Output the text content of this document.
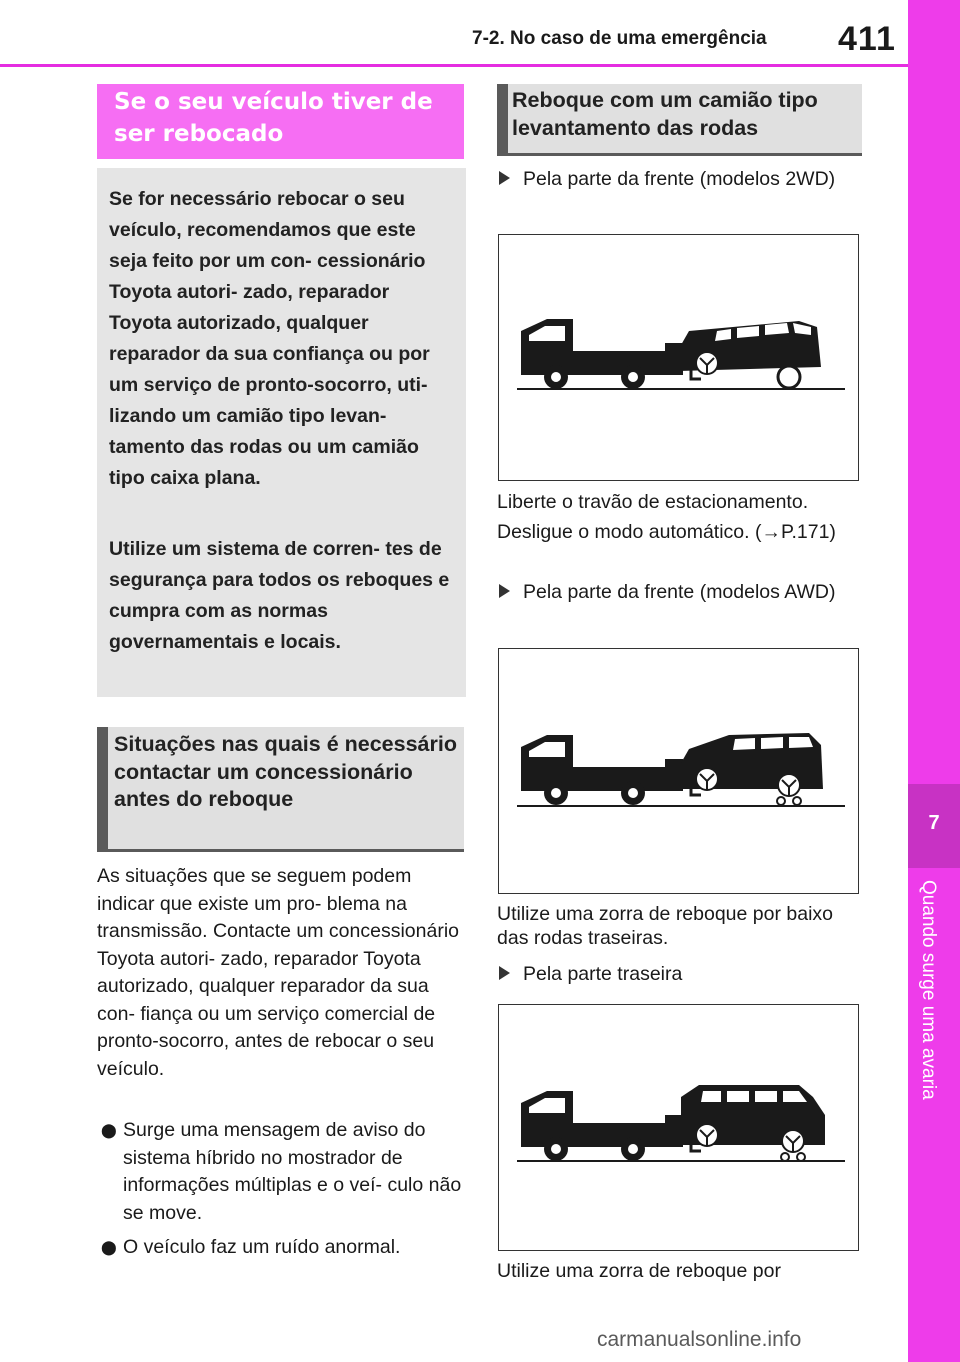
7-2. No caso de uma emergência 411
7
Quando surge uma avaria
Se o seu veículo tiver de ser rebocado
Se for necessário rebocar o seu veículo, recomendamos que este seja feito por um con- cessionário Toyota autori- zado, reparador Toyota autorizado, qualquer reparador da sua confiança ou por um serviço de pronto-socorro, uti- lizando um camião tipo levan- tamento das rodas ou um camião tipo caixa plana.
Utilize um sistema de corren- tes de segurança para todos os reboques e cumpra com as normas governamentais e locais.
Situações nas quais é necessário contactar um concessionário antes do reboque
As situações que se seguem podem indicar que existe um pro- blema na transmissão. Contacte um concessionário Toyota autori- zado, reparador Toyota autorizado, qualquer reparador da sua con- fiança ou um serviço comercial de pronto-socorro, antes de rebocar o seu veículo.
⬤ Surge uma mensagem de aviso do sistema híbrido no mostrador de informações múltiplas e o veí- culo não se move.
⬤ O veículo faz um ruído anormal.
Reboque com um camião tipo levantamento das rodas
Pela parte da frente (modelos 2WD)
Liberte o travão de estacionamento.
Desligue o modo automático. (→P.171)
Pela parte da frente (modelos AWD)
Utilize uma zorra de reboque por baixo das rodas traseiras.
Pela parte traseira
Utilize uma zorra de reboque por
carmanualsonline.info
